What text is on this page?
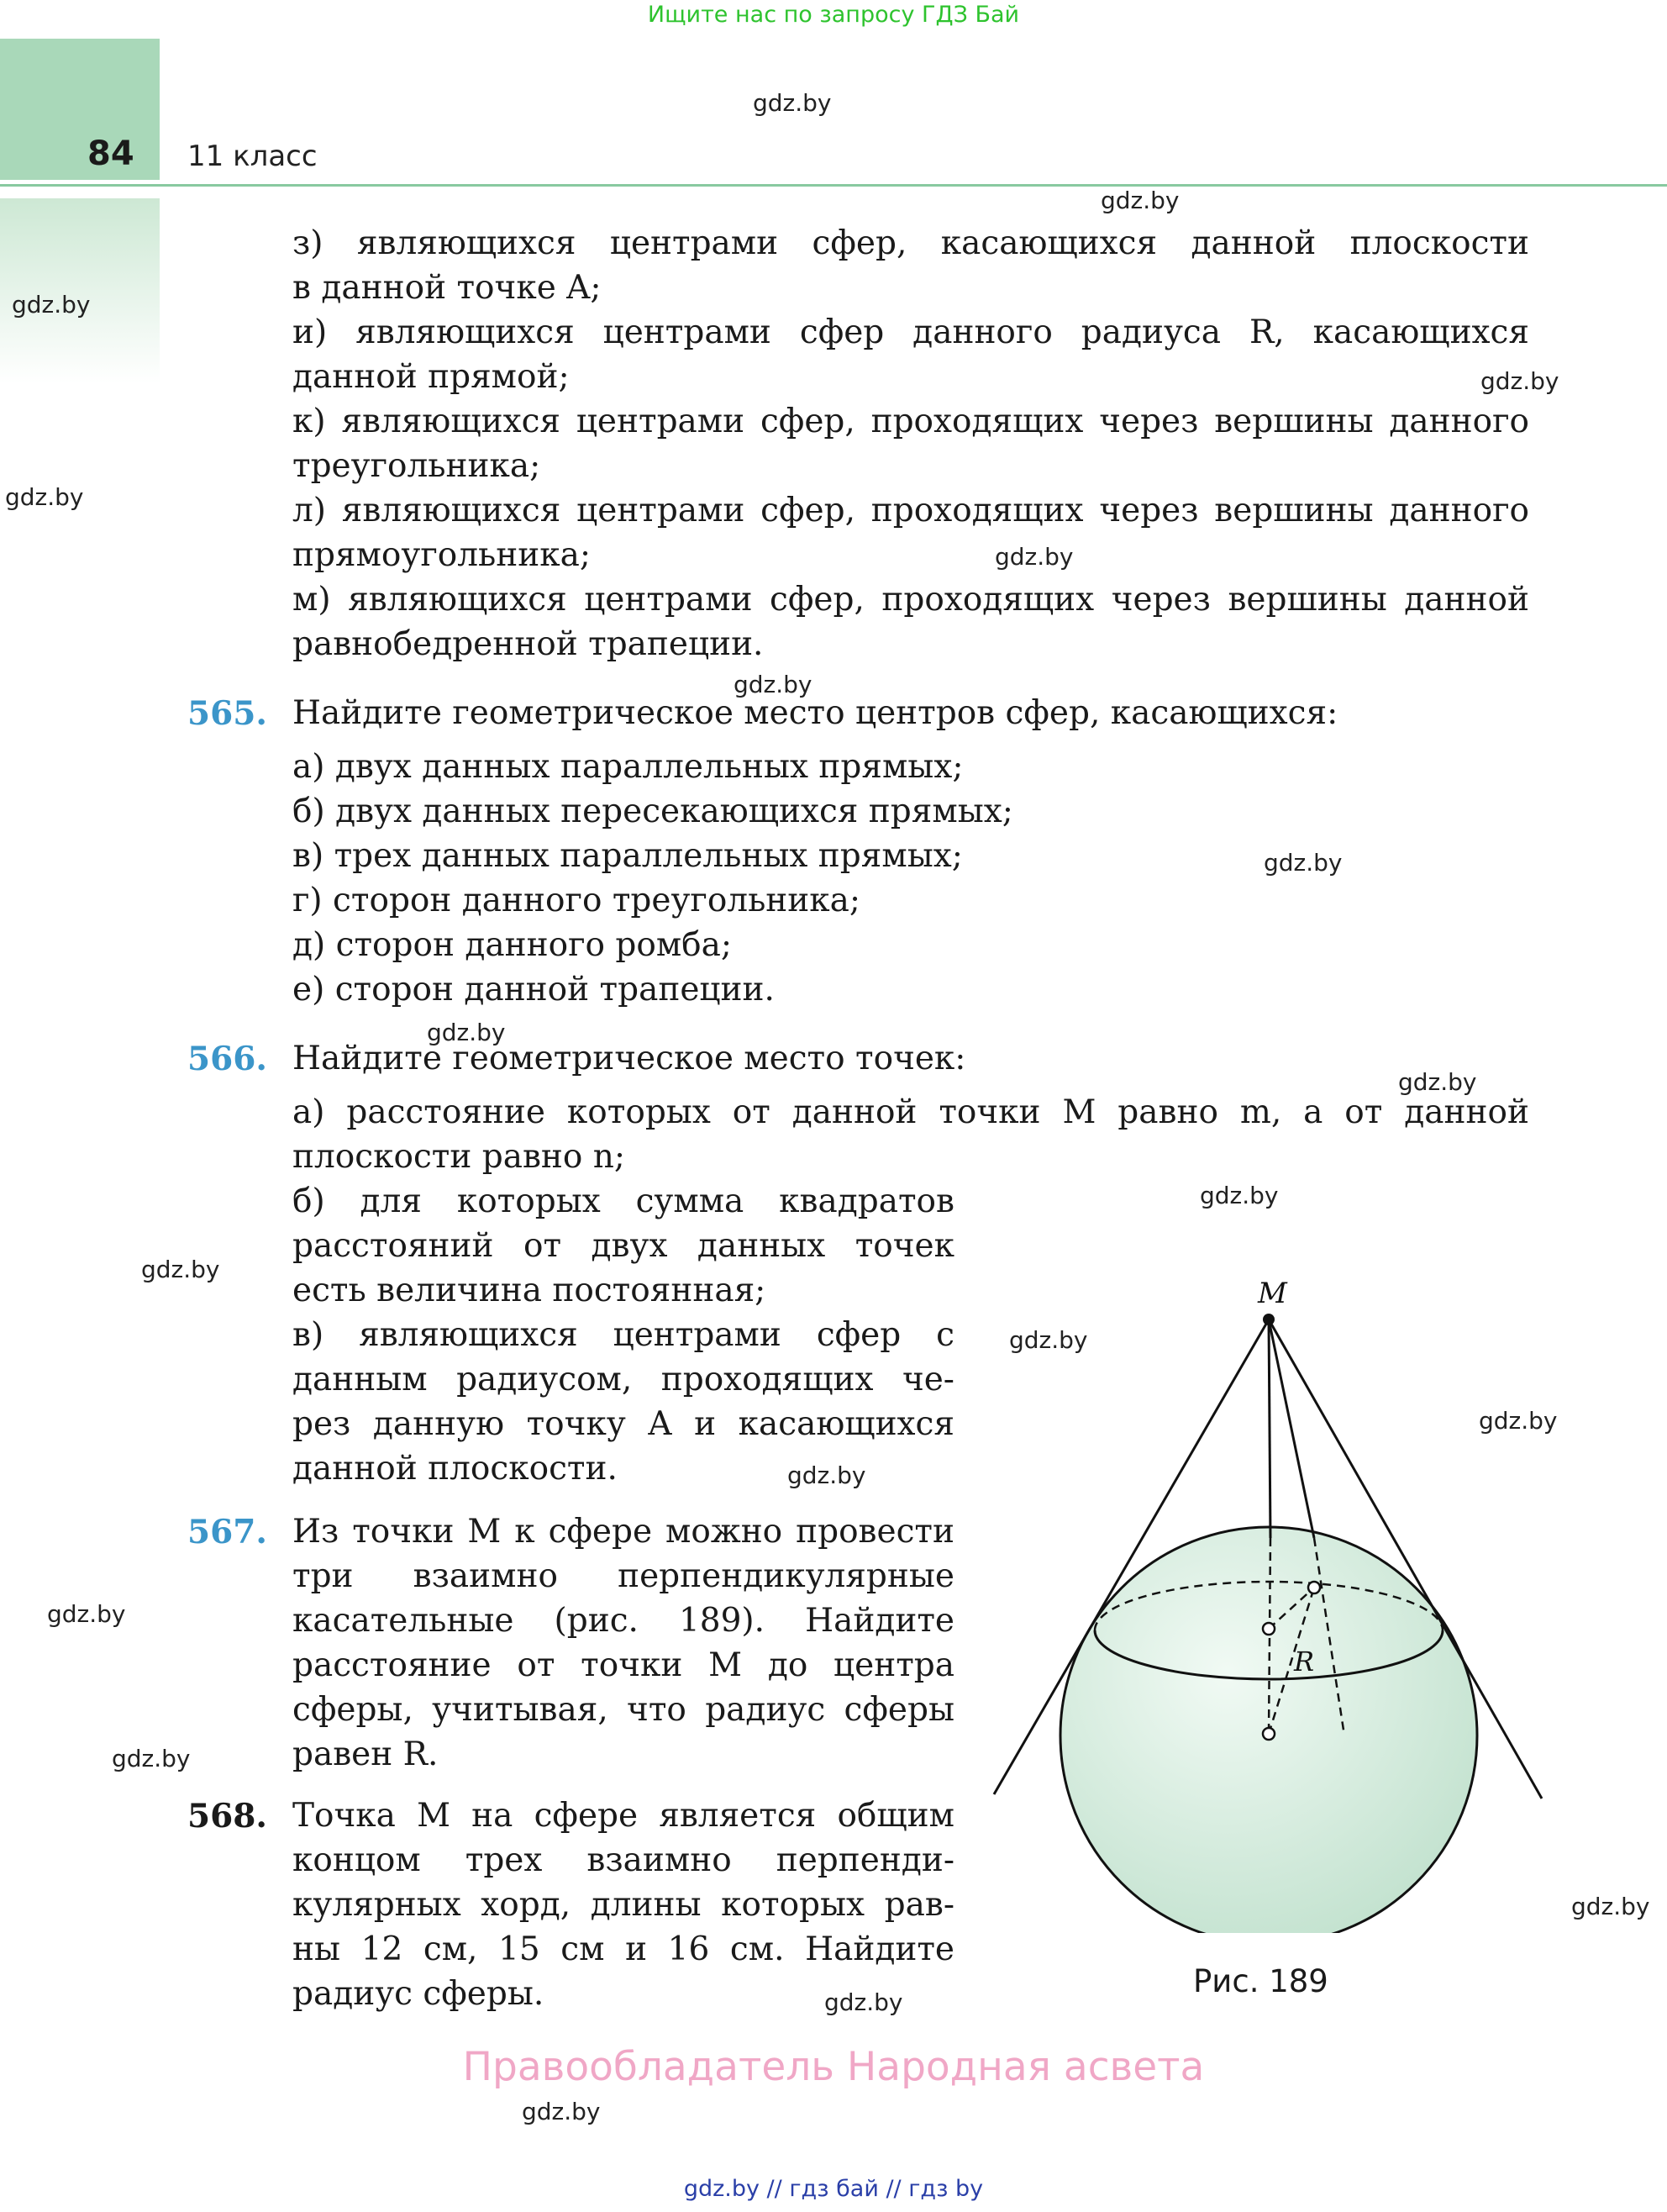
Ищите нас по запросу ГДЗ Бай
84 11 класс
gdz.by
gdz.by
gdz.by
gdz.by
gdz.by
gdz.by
gdz.by
gdz.by
gdz.by
gdz.by
gdz.by
gdz.by
gdz.by
gdz.by
gdz.by
gdz.by
gdz.by
gdz.by
gdz.by
gdz.by
з) являющихся центрами сфер, касающихся данной плоскости
в данной точке A;
и) являющихся центрами сфер данного радиуса R, касающихся
данной прямой;
к) являющихся центрами сфер, проходящих через вершины данного
треугольника;
л) являющихся центрами сфер, проходящих через вершины данного
прямоугольника;
м) являющихся центрами сфер, проходящих через вершины данной
равнобедренной трапеции.
565. Найдите геометрическое место центров сфер, касающихся:
а) двух данных параллельных прямых;
б) двух данных пересекающихся прямых;
в) трех данных параллельных прямых;
г) сторон данного треугольника;
д) сторон данного ромба;
е) сторон данной трапеции.
566. Найдите геометрическое место точек:
а) расстояние которых от данной точки M равно m, а от данной
плоскости равно n;
б) для которых сумма квадратов
расстояний от двух данных точек
есть величина постоянная;
в) являющихся центрами сфер с
данным радиусом, проходящих че-
рез данную точку A и касающихся
данной плоскости.
567. Из точки M к сфере можно провести
три взаимно перпендикулярные
касательные (рис. 189). Найдите
расстояние от точки M до центра
сферы, учитывая, что радиус сферы
равен R.
568. Точка M на сфере является общим
концом трех взаимно перпенди-
кулярных хорд, длины которых рав-
ны 12 см, 15 см и 16 см. Найдите
радиус сферы.
M
R
Рис. 189
Правообладатель Народная асвета
gdz.by // гдз бай // гдз by
